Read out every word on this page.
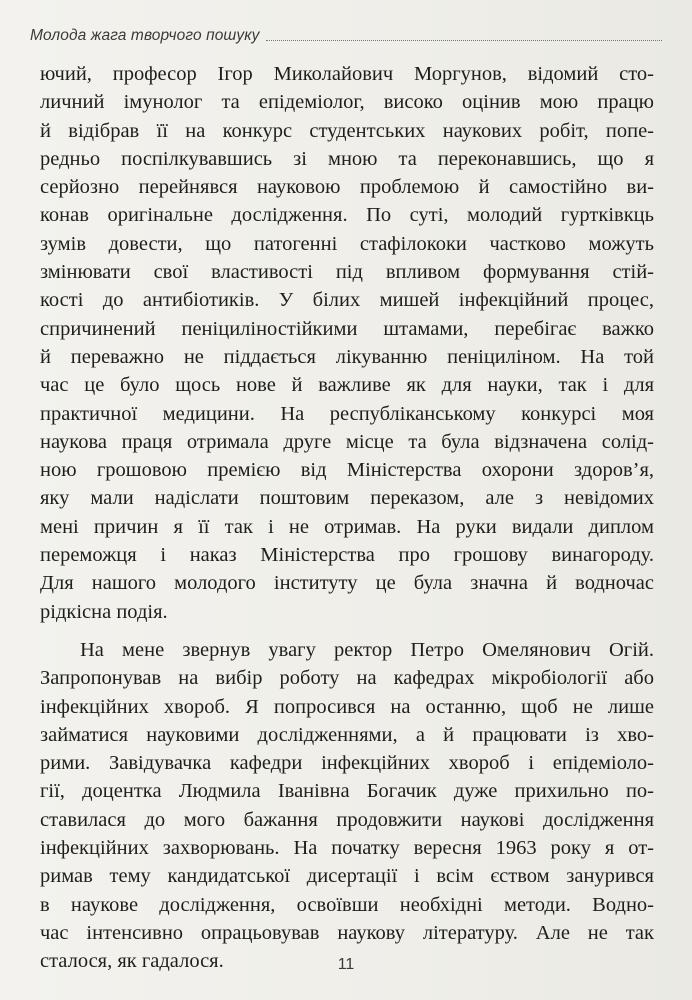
Молода жага творчого пошуку
ючий, професор Ігор Миколайович Моргунов, відомий сто-
личний імунолог та епідеміолог, високо оцінив мою працю
й відібрав її на конкурс студентських наукових робіт, попе-
редньо поспілкувавшись зі мною та переконавшись, що я
серйозно перейнявся науковою проблемою й самостійно ви-
конав оригінальне дослідження. По суті, молодий гуртківкць
зумів довести, що патогенні стафілококи частково можуть
змінювати свої властивості під впливом формування стій-
кості до антибіотиків. У білих мишей інфекційний процес,
спричинений пеніциліностійкими штамами, перебігає важко
й переважно не піддається лікуванню пеніциліном. На той
час це було щось нове й важливе як для науки, так і для
практичної медицини. На республіканському конкурсі моя
наукова праця отримала друге місце та була відзначена солід-
ною грошовою премією від Міністерства охорони здоров’я,
яку мали надіслати поштовим переказом, але з невідомих
мені причин я її так і не отримав. На руки видали диплом
переможця і наказ Міністерства про грошову винагороду.
Для нашого молодого інституту це була значна й водночас
рідкісна подія.
На мене звернув увагу ректор Петро Омелянович Огій.
Запропонував на вибір роботу на кафедрах мікробіології або
інфекційних хвороб. Я попросився на останню, щоб не лише
займатися науковими дослідженнями, а й працювати із хво-
рими. Завідувачка кафедри інфекційних хвороб і епідеміоло-
гії, доцентка Людмила Іванівна Богачик дуже прихильно по-
ставилася до мого бажання продовжити наукові дослідження
інфекційних захворювань. На початку вересня 1963 року я от-
римав тему кандидатської дисертації і всім єством занурився
в наукове дослідження, освоївши необхідні методи. Водно-
час інтенсивно опрацьовував наукову літературу. Але не так
сталося, як гадалося.	11
